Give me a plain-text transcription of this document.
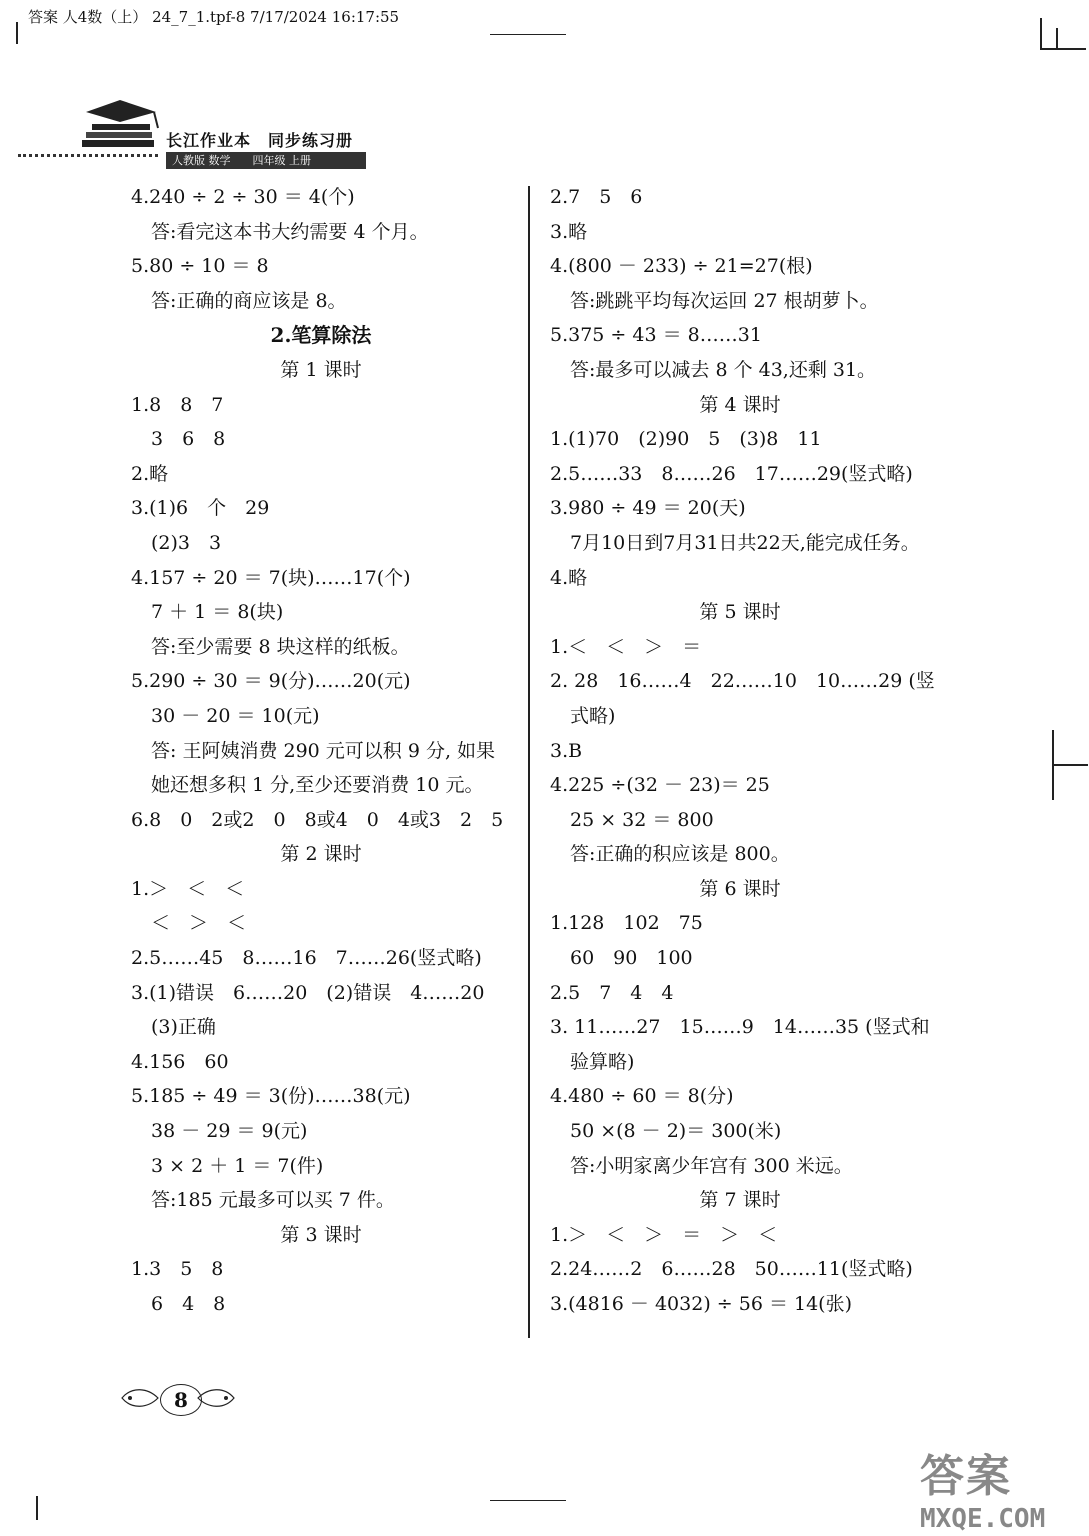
答案 人4数（上） 24_7_1.tpf-8 7/17/2024 16:17:55
长江作业本　同步练习册
人教版 数学　　四年级 上册
4.240 ÷ 2 ÷ 30 ＝ 4(个)
答:看完这本书大约需要 4 个月。
5.80 ÷ 10 ＝ 8
答:正确的商应该是 8。
2.笔算除法
第 1 课时
1.8　8　7
3　6　8
2.略
3.(1)6　个　29
(2)3　3
4.157 ÷ 20 ＝ 7(块)……17(个)
7 ＋ 1 ＝ 8(块)
答:至少需要 8 块这样的纸板。
5.290 ÷ 30 ＝ 9(分)……20(元)
30 － 20 ＝ 10(元)
答: 王阿姨消费 290 元可以积 9 分, 如果
她还想多积 1 分,至少还要消费 10 元。
6.8　0　2或2　0　8或4　0　4或3　2　5
第 2 课时
1.＞　＜　＜
＜　＞　＜
2.5……45　8……16　7……26(竖式略)
3.(1)错误　6……20　(2)错误　4……20
(3)正确
4.156　60
5.185 ÷ 49 ＝ 3(份)……38(元)
38 － 29 ＝ 9(元)
3 × 2 ＋ 1 ＝ 7(件)
答:185 元最多可以买 7 件。
第 3 课时
1.3　5　8
6　4　8
2.7　5　6
3.略
4.(800 － 233) ÷ 21=27(根)
答:跳跳平均每次运回 27 根胡萝卜。
5.375 ÷ 43 ＝ 8……31
答:最多可以减去 8 个 43,还剩 31。
第 4 课时
1.(1)70　(2)90　5　(3)8　11
2.5……33　8……26　17……29(竖式略)
3.980 ÷ 49 ＝ 20(天)
7月10日到7月31日共22天,能完成任务。
4.略
第 5 课时
1.＜　＜　＞　＝
2. 28　16……4　22……10　10……29 (竖
式略)
3.B
4.225 ÷(32 － 23)＝ 25
25 × 32 ＝ 800
答:正确的积应该是 800。
第 6 课时
1.128　102　75
60　90　100
2.5　7　4　4
3. 11……27　15……9　14……35 (竖式和
验算略)
4.480 ÷ 60 ＝ 8(分)
50 ×(8 － 2)＝ 300(米)
答:小明家离少年宫有 300 米远。
第 7 课时
1.＞　＜　＞　＝　＞　＜
2.24……2　6……28　50……11(竖式略)
3.(4816 － 4032) ÷ 56 ＝ 14(张)
8
答案
MXQE.COM
